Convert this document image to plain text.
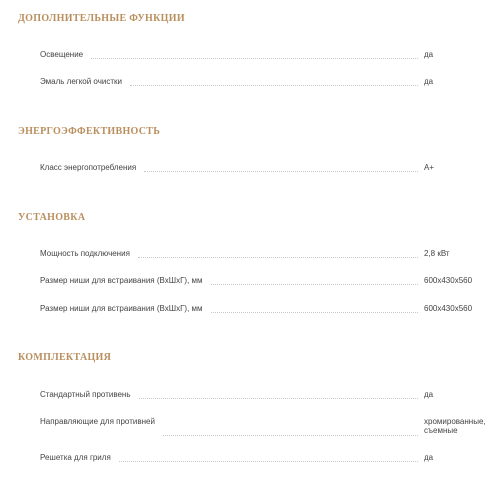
ДОПОЛНИТЕЛЬНЫЕ ФУНКЦИИ
Освещение	да
Эмаль легкой очистки	да
ЭНЕРГОЭФФЕКТИВНОСТЬ
Класс энергопотребления	A+
УСТАНОВКА
Мощность подключения	2,8 кВт
Размер ниши для встраивания (ВхШхГ), мм	600x430x560
Размер ниши для встраивания (ВхШхГ), мм	600x430x560
КОМПЛЕКТАЦИЯ
Стандартный противень	да
Направляющие для противней	хромированные, съемные
Решетка для гриля	да
